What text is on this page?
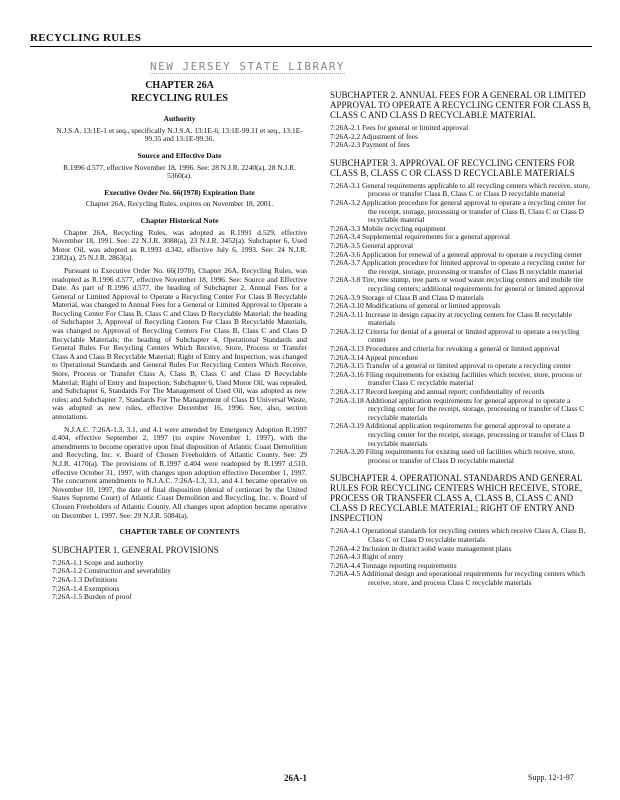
RECYCLING RULES
NEW JERSEY STATE LIBRARY
CHAPTER 26A
RECYCLING RULES
Authority
N.J.S.A. 13:1E-1 et seq., specifically N.J.S.A. 13:1E-6, 13:1E-99.11 et seq., 13:1E-99.35 and 13:1E-99.36.
Source and Effective Date
R.1996 d.577, effective November 18, 1996. See: 28 N.J.R. 2240(a), 28 N.J.R. 5360(a).
Executive Order No. 66(1978) Expiration Date
Chapter 26A, Recycling Rules, expires on November 18, 2001.
Chapter Historical Note
Chapter 26A, Recycling Rules, was adopted as R.1991 d.529, effective November 18, 1991. See: 22 N.J.R. 3088(a), 23 N.J.R. 3452(a). Subchapter 6, Used Motor Oil, was adopted as R.1993 d.342, effective July 6, 1993. See: 24 N.J.R. 2382(a), 25 N.J.R. 2863(a).
Pursuant to Executive Order No. 66(1978), Chapter 26A, Recycling Rules, was readopted as R.1996 d.577, effective November 18, 1996. See: Source and Effective Date. As part of R.1996 d.577, the heading of Subchapter 2, Annual Fees for a General or Limited Approval to Operate a Recycling Center For Class B Recyclable Material, was changed to Annual Fees for a General or Limited Approval to Operate a Recycling Center For Class B, Class C and Class D Recyclable Material; the heading of Subchapter 3, Approval of Recycling Centers For Class B Recyclable Materials, was changed to Approval of Recycling Centers For Class B, Class C and Class D Recyclable Materials; the heading of Subchapter 4, Operational Standards and General Rules For Recycling Centers Which Receive, Store, Process or Transfer Class A and Class B Recyclable Material; Right of Entry and Inspection, was changed to Operational Standards and General Rules For Recycling Centers Which Receive, Store, Process or Transfer Class A, Class B, Class C and Class D Recyclable Material; Right of Entry and Inspection; Subchapter 6, Used Motor Oil, was repealed, and Subchapter 6, Standards For The Management of Used Oil, was adopted as new rules; and Subchapter 7, Standards For The Management of Class D Universal Waste, was adopted as new rules, effective December 16, 1996. See, also, section annotations.
N.J.A.C. 7:26A-1.3, 3.1, and 4.1 were amended by Emergency Adoption R.1997 d.404, effective September 2, 1997 (to expire November 1, 1997), with the amendments to become operative upon final disposition of Atlantic Coast Demolition and Recycling, Inc. v. Board of Chosen Freeholders of Atlantic County. See: 29 N.J.R. 4170(a). The provisions of R.1997 d.404 were readopted by R.1997 d.510, effective October 31, 1997, with changes upon adoption effective December 1, 1997. The concurrent amendments to N.J.A.C. 7:26A-1.3, 3.1, and 4.1 became operative on November 10, 1997, the date of final disposition (denial of certiorari by the United States Supreme Court) of Atlantic Coast Demolition and Recycling, Inc. v. Board of Chosen Freeholders of Atlantic County. All changes upon adoption became operative on December 1, 1997. See: 29 N.J.R. 5084(a).
CHAPTER TABLE OF CONTENTS
SUBCHAPTER 1. GENERAL PROVISIONS
7:26A-1.1 Scope and authority
7:26A-1.2 Construction and severability
7:26A-1.3 Definitions
7:26A-1.4 Exemptions
7:26A-1.5 Burden of proof
SUBCHAPTER 2. ANNUAL FEES FOR A GENERAL OR LIMITED APPROVAL TO OPERATE A RECYCLING CENTER FOR CLASS B, CLASS C AND CLASS D RECYCLABLE MATERIAL
7:26A-2.1 Fees for general or limited approval
7:26A-2.2 Adjustment of fees
7:26A-2.3 Payment of fees
SUBCHAPTER 3. APPROVAL OF RECYCLING CENTERS FOR CLASS B, CLASS C OR CLASS D RECYCLABLE MATERIALS
7:26A-3.1 General requirements applicable to all recycling centers which receive, store, process or transfer Class B, Class C or Class D recyclable material
7:26A-3.2 Application procedure for general approval to operate a recycling center for the receipt, storage, processing or transfer of Class B, Class C or Class D recyclable material
7:26A-3.3 Mobile recycling equipment
7:26A-3.4 Supplemental requirements for a general approval
7:26A-3.5 General approval
7:26A-3.6 Application for renewal of a general approval to operate a recycling center
7:26A-3.7 Application procedure for limited approval to operate a recycling center for the receipt, storage, processing or transfer of Class B recyclable material
7:26A-3.8 Tire, tree stump, tree parts or wood waste recycling centers and mobile tire recycling centers; additional requirements for general or limited approval
7:26A-3.9 Storage of Class B and Class D materials
7:26A-3.10 Modifications of general or limited approvals
7:26A-3.11 Increase in design capacity at recycling centers for Class B recyclable materials
7:26A-3.12 Criteria for denial of a general or limited approval to operate a recycling center
7:26A-3.13 Procedures and criteria for revoking a general or limited approval
7:26A-3.14 Appeal procedure
7:26A-3.15 Transfer of a general or limited approval to operate a recycling center
7:26A-3.16 Filing requirements for existing facilities which receive, store, process or transfer Class C recyclable material
7:26A-3.17 Record keeping and annual report; confidentiality of records
7:26A-3.18 Additional application requirements for general approval to operate a recycling center for the receipt, storage, processing or transfer of Class C recyclable materials
7:26A-3.19 Additional application requirements for general approval to operate a recycling center for the receipt, storage, processing or transfer of Class D recyclable materials
7:26A-3.20 Filing requirements for existing used oil facilities which receive, store, process or transfer of Class D recyclable material
SUBCHAPTER 4. OPERATIONAL STANDARDS AND GENERAL RULES FOR RECYCLING CENTERS WHICH RECEIVE, STORE, PROCESS OR TRANSFER CLASS A, CLASS B, CLASS C AND CLASS D RECYCLABLE MATERIAL; RIGHT OF ENTRY AND INSPECTION
7:26A-4.1 Operational standards for recycling centers which receive Class A, Class B, Class C or Class D recyclable materials
7:26A-4.2 Inclusion in district solid waste management plans
7:26A-4.3 Right of entry
7:26A-4.4 Tonnage reporting requirements
7:26A-4.5 Additional design and operational requirements for recycling centers which receive, store, and process Class C recyclable materials
26A-1	Supp. 12-1-97
